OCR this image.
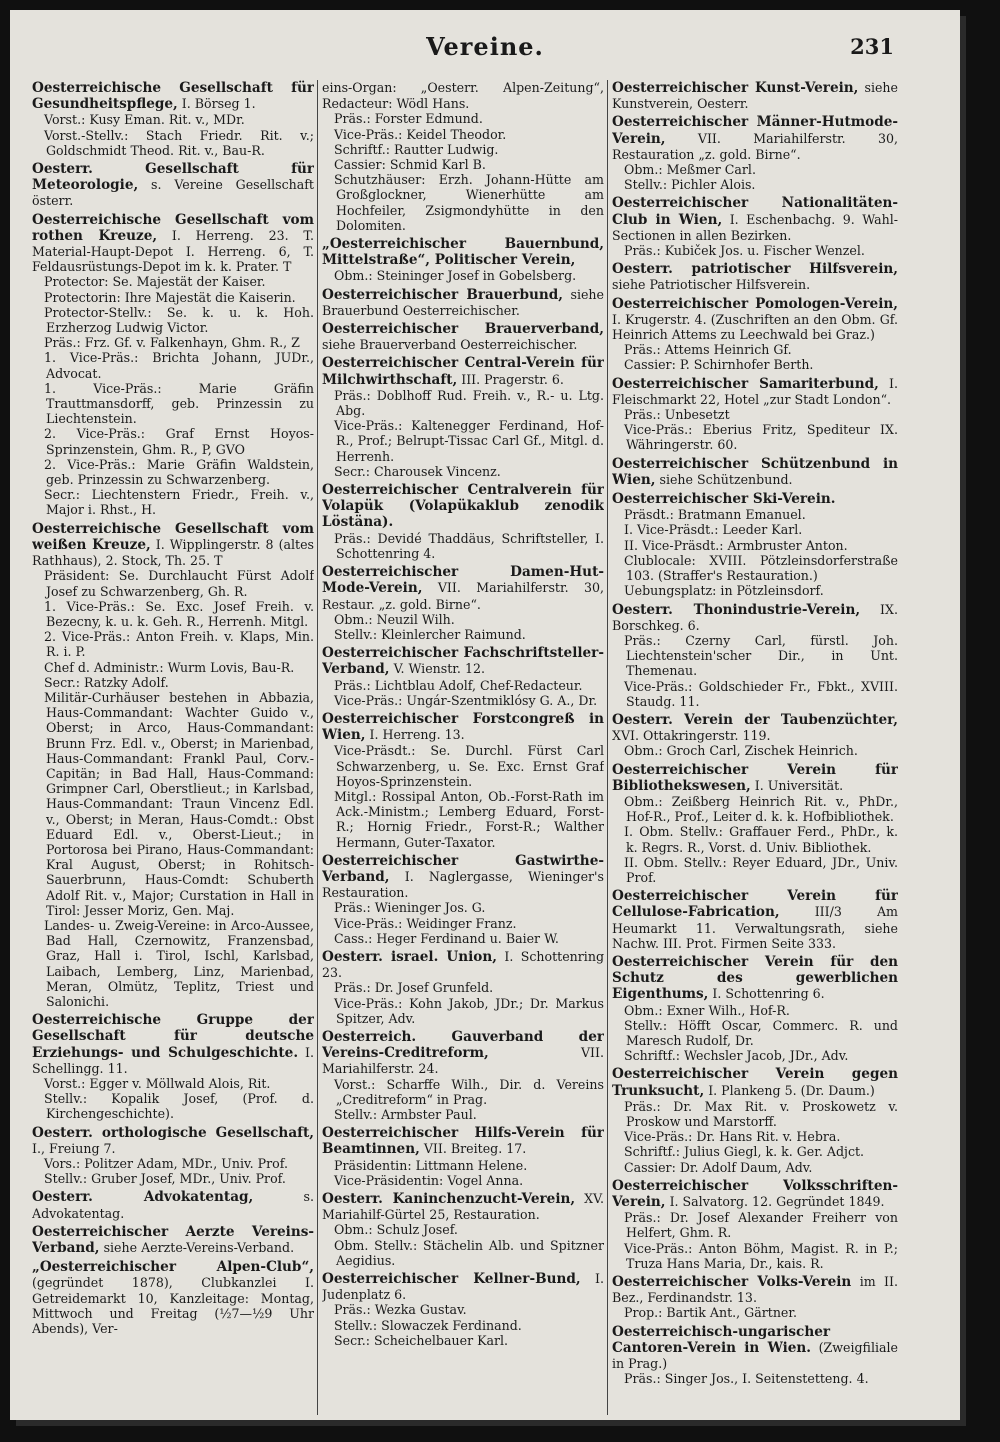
Vereine.	231
Oesterreichische Gesellschaft für Gesundheitspflege, I. Börseg 1.
Vorst.: Kusy Eman. Rit. v., MDr.
Vorst.-Stellv.: Stach Friedr. Rit. v.; Goldschmidt Theod. Rit. v., Bau-R.
Oesterr. Gesellschaft für Meteorologie, s. Vereine Gesellschaft österr.
Oesterreichische Gesellschaft vom rothen Kreuze, I. Herreng. 23. T. Material-Haupt-Depot I. Herreng. 6, T. Feldausrüstungs-Depot im k. k. Prater. T
Protector: Se. Majestät der Kaiser.
Protectorin: Ihre Majestät die Kaiserin.
Protector-Stellv.: Se. k. u. k. Hoh. Erzherzog Ludwig Victor.
Präs.: Frz. Gf. v. Falkenhayn, Ghm. R., Z
1. Vice-Präs.: Brichta Johann, JUDr., Advocat.
1. Vice-Präs.: Marie Gräfin Trauttmansdorff, geb. Prinzessin zu Liechtenstein.
2. Vice-Präs.: Graf Ernst Hoyos-Sprinzenstein, Ghm. R., P, GVO
2. Vice-Präs.: Marie Gräfin Waldstein, geb. Prinzessin zu Schwarzenberg.
Secr.: Liechtenstern Friedr., Freih. v., Major i. Rhst., H.
Oesterreichische Gesellschaft vom weißen Kreuze, I. Wipplingerstr. 8 (altes Rathhaus), 2. Stock, Th. 25. T
Präsident: Se. Durchlaucht Fürst Adolf Josef zu Schwarzenberg, Gh. R.
1. Vice-Präs.: Se. Exc. Josef Freih. v. Bezecny, k. u. k. Geh. R., Herrenh. Mitgl.
2. Vice-Präs.: Anton Freih. v. Klaps, Min. R. i. P.
Chef d. Administr.: Wurm Lovis, Bau-R.
Secr.: Ratzky Adolf.
Militär-Curhäuser bestehen in Abbazia, Haus-Commandant: Wachter Guido v., Oberst; in Arco, Haus-Commandant: Brunn Frz. Edl. v., Oberst; in Marienbad, Haus-Commandant: Frankl Paul, Corv.-Capitän; in Bad Hall, Haus-Command: Grimpner Carl, Oberstlieut.; in Karlsbad, Haus-Commandant: Traun Vincenz Edl. v., Oberst; in Meran, Haus-Comdt.: Obst Eduard Edl. v., Oberst-Lieut.; in Portorosa bei Pirano, Haus-Commandant: Kral August, Oberst; in Rohitsch-Sauerbrunn, Haus-Comdt: Schuberth Adolf Rit. v., Major; Curstation in Hall in Tirol: Jesser Moriz, Gen. Maj.
Landes- u. Zweig-Vereine: in Arco-Aussee, Bad Hall, Czernowitz, Franzensbad, Graz, Hall i. Tirol, Ischl, Karlsbad, Laibach, Lemberg, Linz, Marienbad, Meran, Olmütz, Teplitz, Triest und Salonichi.
Oesterreichische Gruppe der Gesellschaft für deutsche Erziehungs- und Schulgeschichte. I. Schellingg. 11.
Vorst.: Egger v. Möllwald Alois, Rit.
Stellv.: Kopalik Josef, (Prof. d. Kirchengeschichte).
Oesterr. orthologische Gesellschaft, I., Freiung 7.
Vors.: Politzer Adam, MDr., Univ. Prof.
Stellv.: Gruber Josef, MDr., Univ. Prof.
Oesterr. Advokatentag,	s. Advokatentag.
Oesterreichischer Aerzte Vereins-Verband, siehe Aerzte-Vereins-Verband.
„Oesterreichischer Alpen-Club“, (gegründet 1878), Clubkanzlei I. Getreidemarkt 10, Kanzleitage: Montag, Mittwoch und Freitag (½7—½9 Uhr Abends), Ver-
eins-Organ: „Oesterr. Alpen-Zeitung“, Redacteur: Wödl Hans.
Präs.: Forster Edmund.
Vice-Präs.: Keidel Theodor.
Schriftf.: Rautter Ludwig.
Cassier: Schmid Karl B.
Schutzhäuser: Erzh. Johann-Hütte am Großglockner, Wienerhütte am Hochfeiler, Zsigmondyhütte in den Dolomiten.
„Oesterreichischer Bauernbund, Mittelstraße“, Politischer Verein,
Obm.: Steininger Josef in Gobelsberg.
Oesterreichischer Brauerbund, siehe Brauerbund Oesterreichischer.
Oesterreichischer Brauerverband, siehe Brauerverband Oesterreichischer.
Oesterreichischer Central-Verein für Milchwirthschaft, III. Pragerstr. 6.
Präs.: Doblhoff Rud. Freih. v., R.- u. Ltg. Abg.
Vice-Präs.: Kaltenegger Ferdinand, Hof-R., Prof.; Belrupt-Tissac Carl Gf., Mitgl. d. Herrenh.
Secr.: Charousek Vincenz.
Oesterreichischer Centralverein für Volapük (Volapükaklub zenodik Löstäna).
Präs.: Devidé Thaddäus, Schriftsteller, I. Schottenring 4.
Oesterreichischer Damen-Hut-Mode-Verein, VII. Mariahilferstr. 30, Restaur. „z. gold. Birne“.
Obm.: Neuzil Wilh.
Stellv.: Kleinlercher Raimund.
Oesterreichischer Fachschriftsteller-Verband, V. Wienstr. 12.
Präs.: Lichtblau Adolf, Chef-Redacteur.
Vice-Präs.: Ungár-Szentmiklósy G. A., Dr.
Oesterreichischer Forstcongreß in Wien, I. Herreng. 13.
Vice-Präsdt.: Se. Durchl. Fürst Carl Schwarzenberg, u. Se. Exc. Ernst Graf Hoyos-Sprinzenstein.
Mitgl.: Rossipal Anton, Ob.-Forst-Rath im Ack.-Ministm.; Lemberg Eduard, Forst-R.; Hornig Friedr., Forst-R.; Walther Hermann, Guter-Taxator.
Oesterreichischer Gastwirthe-Verband, I. Naglergasse, Wieninger's Restauration.
Präs.: Wieninger Jos. G.
Vice-Präs.: Weidinger Franz.
Cass.: Heger Ferdinand u. Baier W.
Oesterr. israel. Union, I. Schottenring 23.
Präs.: Dr. Josef Grunfeld.
Vice-Präs.: Kohn Jakob, JDr.; Dr. Markus Spitzer, Adv.
Oesterreich. Gauverband der Vereins-Creditreform,	VII. Mariahilferstr. 24.
Vorst.: Scharffe Wilh., Dir. d. Vereins „Creditreform“ in Prag.
Stellv.: Armbster Paul.
Oesterreichischer Hilfs-Verein für Beamtinnen, VII. Breiteg. 17.
Präsidentin: Littmann Helene.
Vice-Präsidentin: Vogel Anna.
Oesterr. Kaninchenzucht-Verein, XV. Mariahilf-Gürtel 25, Restauration.
Obm.: Schulz Josef.
Obm. Stellv.: Stächelin Alb. und Spitzner Aegidius.
Oesterreichischer Kellner-Bund, I. Judenplatz 6.
Präs.: Wezka Gustav.
Stellv.: Slowaczek Ferdinand.
Secr.: Scheichelbauer Karl.
Oesterreichischer Kunst-Verein, siehe Kunstverein, Oesterr.
Oesterreichischer Männer-Hutmode-Verein,	VII. Mariahilferstr. 30, Restauration „z. gold. Birne“.
Obm.: Meßmer Carl.
Stellv.: Pichler Alois.
Oesterreichischer Nationalitäten-Club in Wien, I. Eschenbachg. 9. Wahl-Sectionen in allen Bezirken.
Präs.: Kubiček Jos. u. Fischer Wenzel.
Oesterr. patriotischer Hilfsverein, siehe Patriotischer Hilfsverein.
Oesterreichischer Pomologen-Verein, I. Krugerstr. 4. (Zuschriften an den Obm. Gf. Heinrich Attems zu Leechwald bei Graz.)
Präs.: Attems Heinrich Gf.
Cassier: P. Schirnhofer Berth.
Oesterreichischer Samariterbund, I. Fleischmarkt 22, Hotel „zur Stadt London“.
Präs.: Unbesetzt
Vice-Präs.: Eberius Fritz, Spediteur IX. Währingerstr. 60.
Oesterreichischer Schützenbund in Wien, siehe Schützenbund.
Oesterreichischer Ski-Verein.
Präsdt.: Bratmann Emanuel.
I. Vice-Präsdt.: Leeder Karl.
II. Vice-Präsdt.: Armbruster Anton.
Clublocale: XVIII. Pötzleinsdorferstraße 103. (Straffer's Restauration.)
Uebungsplatz: in Pötzleinsdorf.
Oesterr. Thonindustrie-Verein, IX. Borschkeg. 6.
Präs.: Czerny Carl, fürstl. Joh. Liechtenstein'scher Dir., in Unt. Themenau.
Vice-Präs.: Goldschieder Fr., Fbkt., XVIII. Staudg. 11.
Oesterr. Verein der Taubenzüchter, XVI. Ottakringerstr. 119.
Obm.: Groch Carl, Zischek Heinrich.
Oesterreichischer Verein für Bibliothekswesen, I. Universität.
Obm.: Zeißberg Heinrich Rit. v., PhDr., Hof-R., Prof., Leiter d. k. k. Hofbibliothek.
I. Obm. Stellv.: Graffauer Ferd., PhDr., k. k. Regrs. R., Vorst. d. Univ. Bibliothek.
II. Obm. Stellv.: Reyer Eduard, JDr., Univ. Prof.
Oesterreichischer Verein für Cellulose-Fabrication,	III/3 Am Heumarkt 11. Verwaltungsrath, siehe Nachw. III. Prot. Firmen Seite 333.
Oesterreichischer Verein für den Schutz des gewerblichen Eigenthums, I. Schottenring 6.
Obm.: Exner Wilh., Hof-R.
Stellv.: Höfft Oscar, Commerc. R. und Maresch Rudolf, Dr.
Schriftf.: Wechsler Jacob, JDr., Adv.
Oesterreichischer Verein gegen Trunksucht, I. Plankeng 5. (Dr. Daum.)
Präs.: Dr. Max Rit. v. Proskowetz v. Proskow und Marstorff.
Vice-Präs.: Dr. Hans Rit. v. Hebra.
Schriftf.: Julius Giegl, k. k. Ger. Adjct.
Cassier: Dr. Adolf Daum, Adv.
Oesterreichischer Volksschriften-Verein, I. Salvatorg. 12. Gegründet 1849.
Präs.: Dr. Josef Alexander Freiherr von Helfert, Ghm. R.
Vice-Präs.: Anton Böhm, Magist. R. in P.; Truza Hans Maria, Dr., kais. R.
Oesterreichischer Volks-Verein im II. Bez., Ferdinandstr. 13.
Prop.: Bartik Ant., Gärtner.
Oesterreichisch-ungarischer Cantoren-Verein in Wien. (Zweigfiliale in Prag.)
Präs.: Singer Jos., I. Seitenstetteng. 4.
